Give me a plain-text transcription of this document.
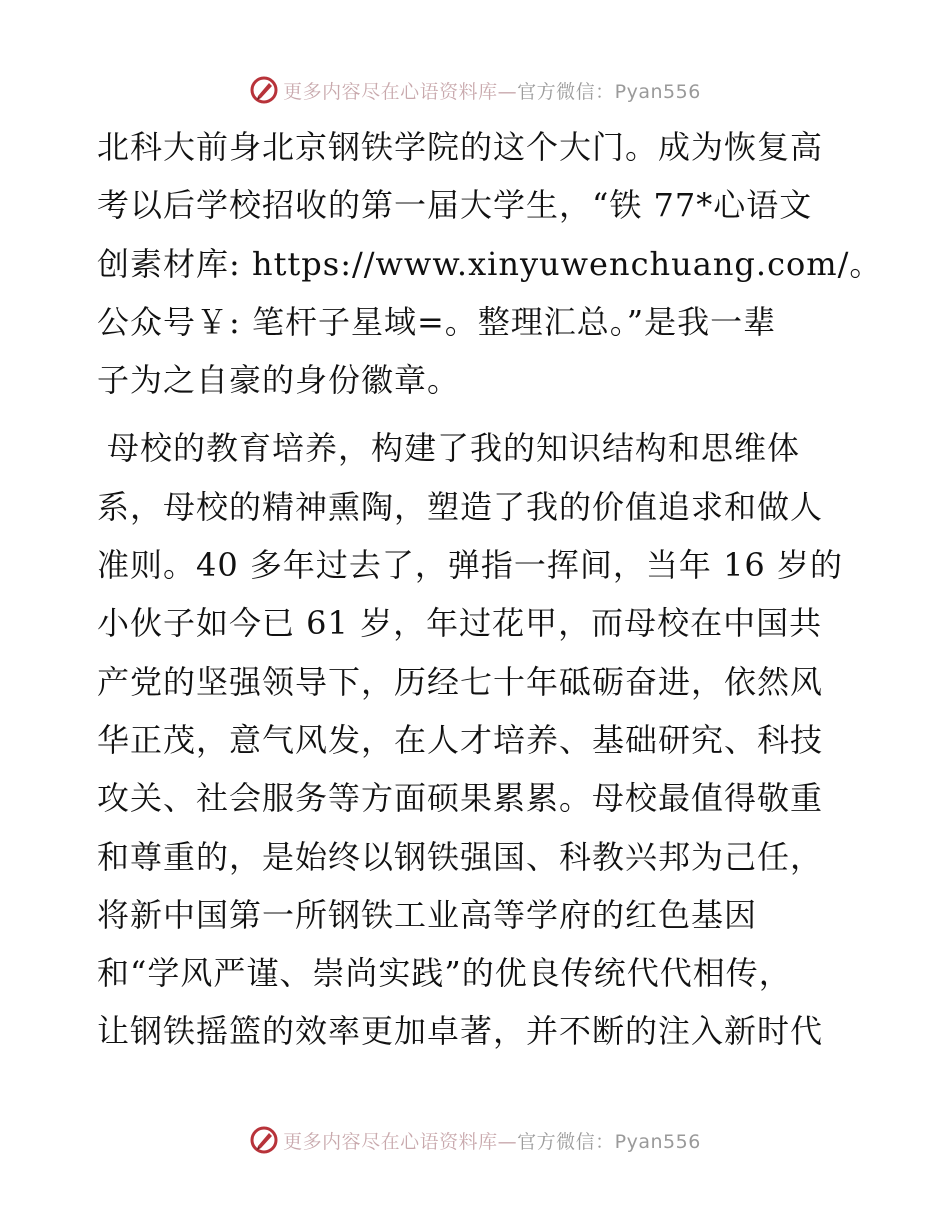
更多内容尽在心语资料库—官方微信：Pyan556

北科大前身北京钢铁学院的这个大门。成为恢复高
考以后学校招收的第一届大学生，“铁 77*心语文
创素材库: https://www.xinyuwenchuang.com/。
公众号￥: 笔杆子星域=。整理汇总。”是我一辈
子为之自豪的身份徽章。

母校的教育培养，构建了我的知识结构和思维体
系，母校的精神熏陶，塑造了我的价值追求和做人
准则。40 多年过去了，弹指一挥间，当年 16 岁的
小伙子如今已 61 岁，年过花甲，而母校在中国共
产党的坚强领导下，历经七十年砥砺奋进，依然风
华正茂，意气风发，在人才培养、基础研究、科技
攻关、社会服务等方面硕果累累。母校最值得敬重
和尊重的，是始终以钢铁强国、科教兴邦为己任，
将新中国第一所钢铁工业高等学府的红色基因
和“学风严谨、崇尚实践”的优良传统代代相传，
让钢铁摇篮的效率更加卓著，并不断的注入新时代

更多内容尽在心语资料库—官方微信：Pyan556
